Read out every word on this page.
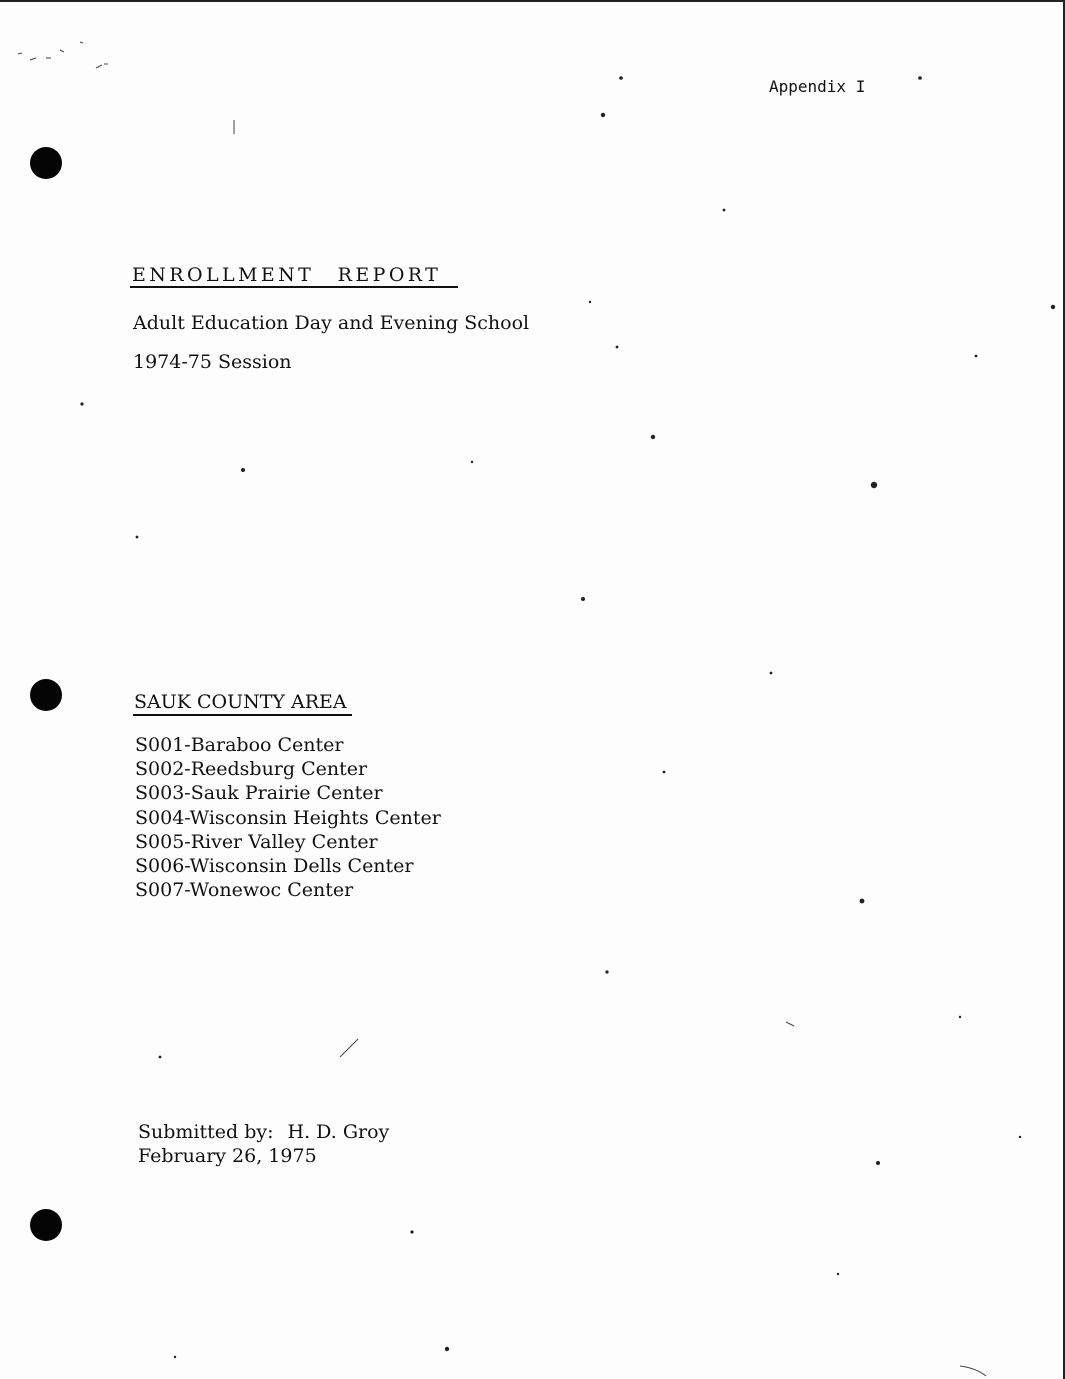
Appendix I
ENROLLMENT REPORT
Adult Education Day and Evening School
1974-75 Session
SAUK COUNTY AREA
S001-Baraboo Center
S002-Reedsburg Center
S003-Sauk Prairie Center
S004-Wisconsin Heights Center
S005-River Valley Center
S006-Wisconsin Dells Center
S007-Wonewoc Center
Submitted by: H. D. Groy
February 26, 1975
